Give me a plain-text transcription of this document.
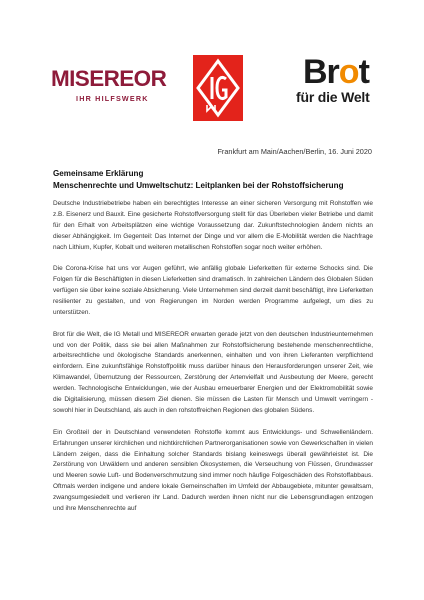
MISEREOR
IHR HILFSWERK
Brot
für die Welt
Frankfurt am Main/Aachen/Berlin, 16. Juni 2020
Gemeinsame Erklärung
Menschenrechte und Umweltschutz: Leitplanken bei der Rohstoffsicherung

Deutsche Industriebetriebe haben ein berechtigtes Interesse an einer sicheren Versorgung mit Rohstoffen wie z.B. Eisenerz und Bauxit. Eine gesicherte Rohstoffversorgung stellt für das Überleben vieler Betriebe und damit für den Erhalt von Arbeitsplätzen eine wichtige Voraussetzung dar. Zukunftstechnologien ändern nichts an dieser Abhängigkeit. Im Gegenteil: Das Internet der Dinge und vor allem die E-Mobilität werden die Nachfrage nach Lithium, Kupfer, Kobalt und weiteren metallischen Rohstoffen sogar noch weiter erhöhen.

Die Corona-Krise hat uns vor Augen geführt, wie anfällig globale Lieferketten für externe Schocks sind. Die Folgen für die Beschäftigten in diesen Lieferketten sind dramatisch. In zahlreichen Ländern des Globalen Süden verfügen sie über keine soziale Absicherung. Viele Unternehmen sind derzeit damit beschäftigt, ihre Lieferketten resilienter zu gestalten, und von Regierungen im Norden werden Programme aufgelegt, um dies zu unterstützen.

Brot für die Welt, die IG Metall und MISEREOR erwarten gerade jetzt von den deutschen Industrieunternehmen und von der Politik, dass sie bei allen Maßnahmen zur Rohstoffsicherung bestehende menschenrechtliche, arbeitsrechtliche und ökologische Standards anerkennen, einhalten und von ihren Lieferanten verpflichtend einfordern. Eine zukunftsfähige Rohstoffpolitik muss darüber hinaus den Herausforderungen unserer Zeit, wie Klimawandel, Übernutzung der Ressourcen, Zerstörung der Artenvielfalt und Ausbeutung der Meere, gerecht werden. Technologische Entwicklungen, wie der Ausbau erneuerbarer Energien und der Elektromobilität sowie die Digitalisierung, müssen diesem Ziel dienen. Sie müssen die Lasten für Mensch und Umwelt verringern - sowohl hier in Deutschland, als auch in den rohstoffreichen Regionen des globalen Südens.

Ein Großteil der in Deutschland verwendeten Rohstoffe kommt aus Entwicklungs- und Schwellenländern. Erfahrungen unserer kirchlichen und nichtkirchlichen Partnerorganisationen sowie von Gewerkschaften in vielen Ländern zeigen, dass die Einhaltung solcher Standards bislang keineswegs überall gewährleistet ist. Die Zerstörung von Urwäldern und anderen sensiblen Ökosystemen, die Verseuchung von Flüssen, Grundwasser und Meeren sowie Luft- und Bodenverschmutzung sind immer noch häufige Folgeschäden des Rohstoffabbaus. Oftmals werden indigene und andere lokale Gemeinschaften im Umfeld der Abbaugebiete, mitunter gewaltsam, zwangsumgesiedelt und verlieren ihr Land. Dadurch werden ihnen nicht nur die Lebensgrundlagen entzogen und ihre Menschenrechte auf
